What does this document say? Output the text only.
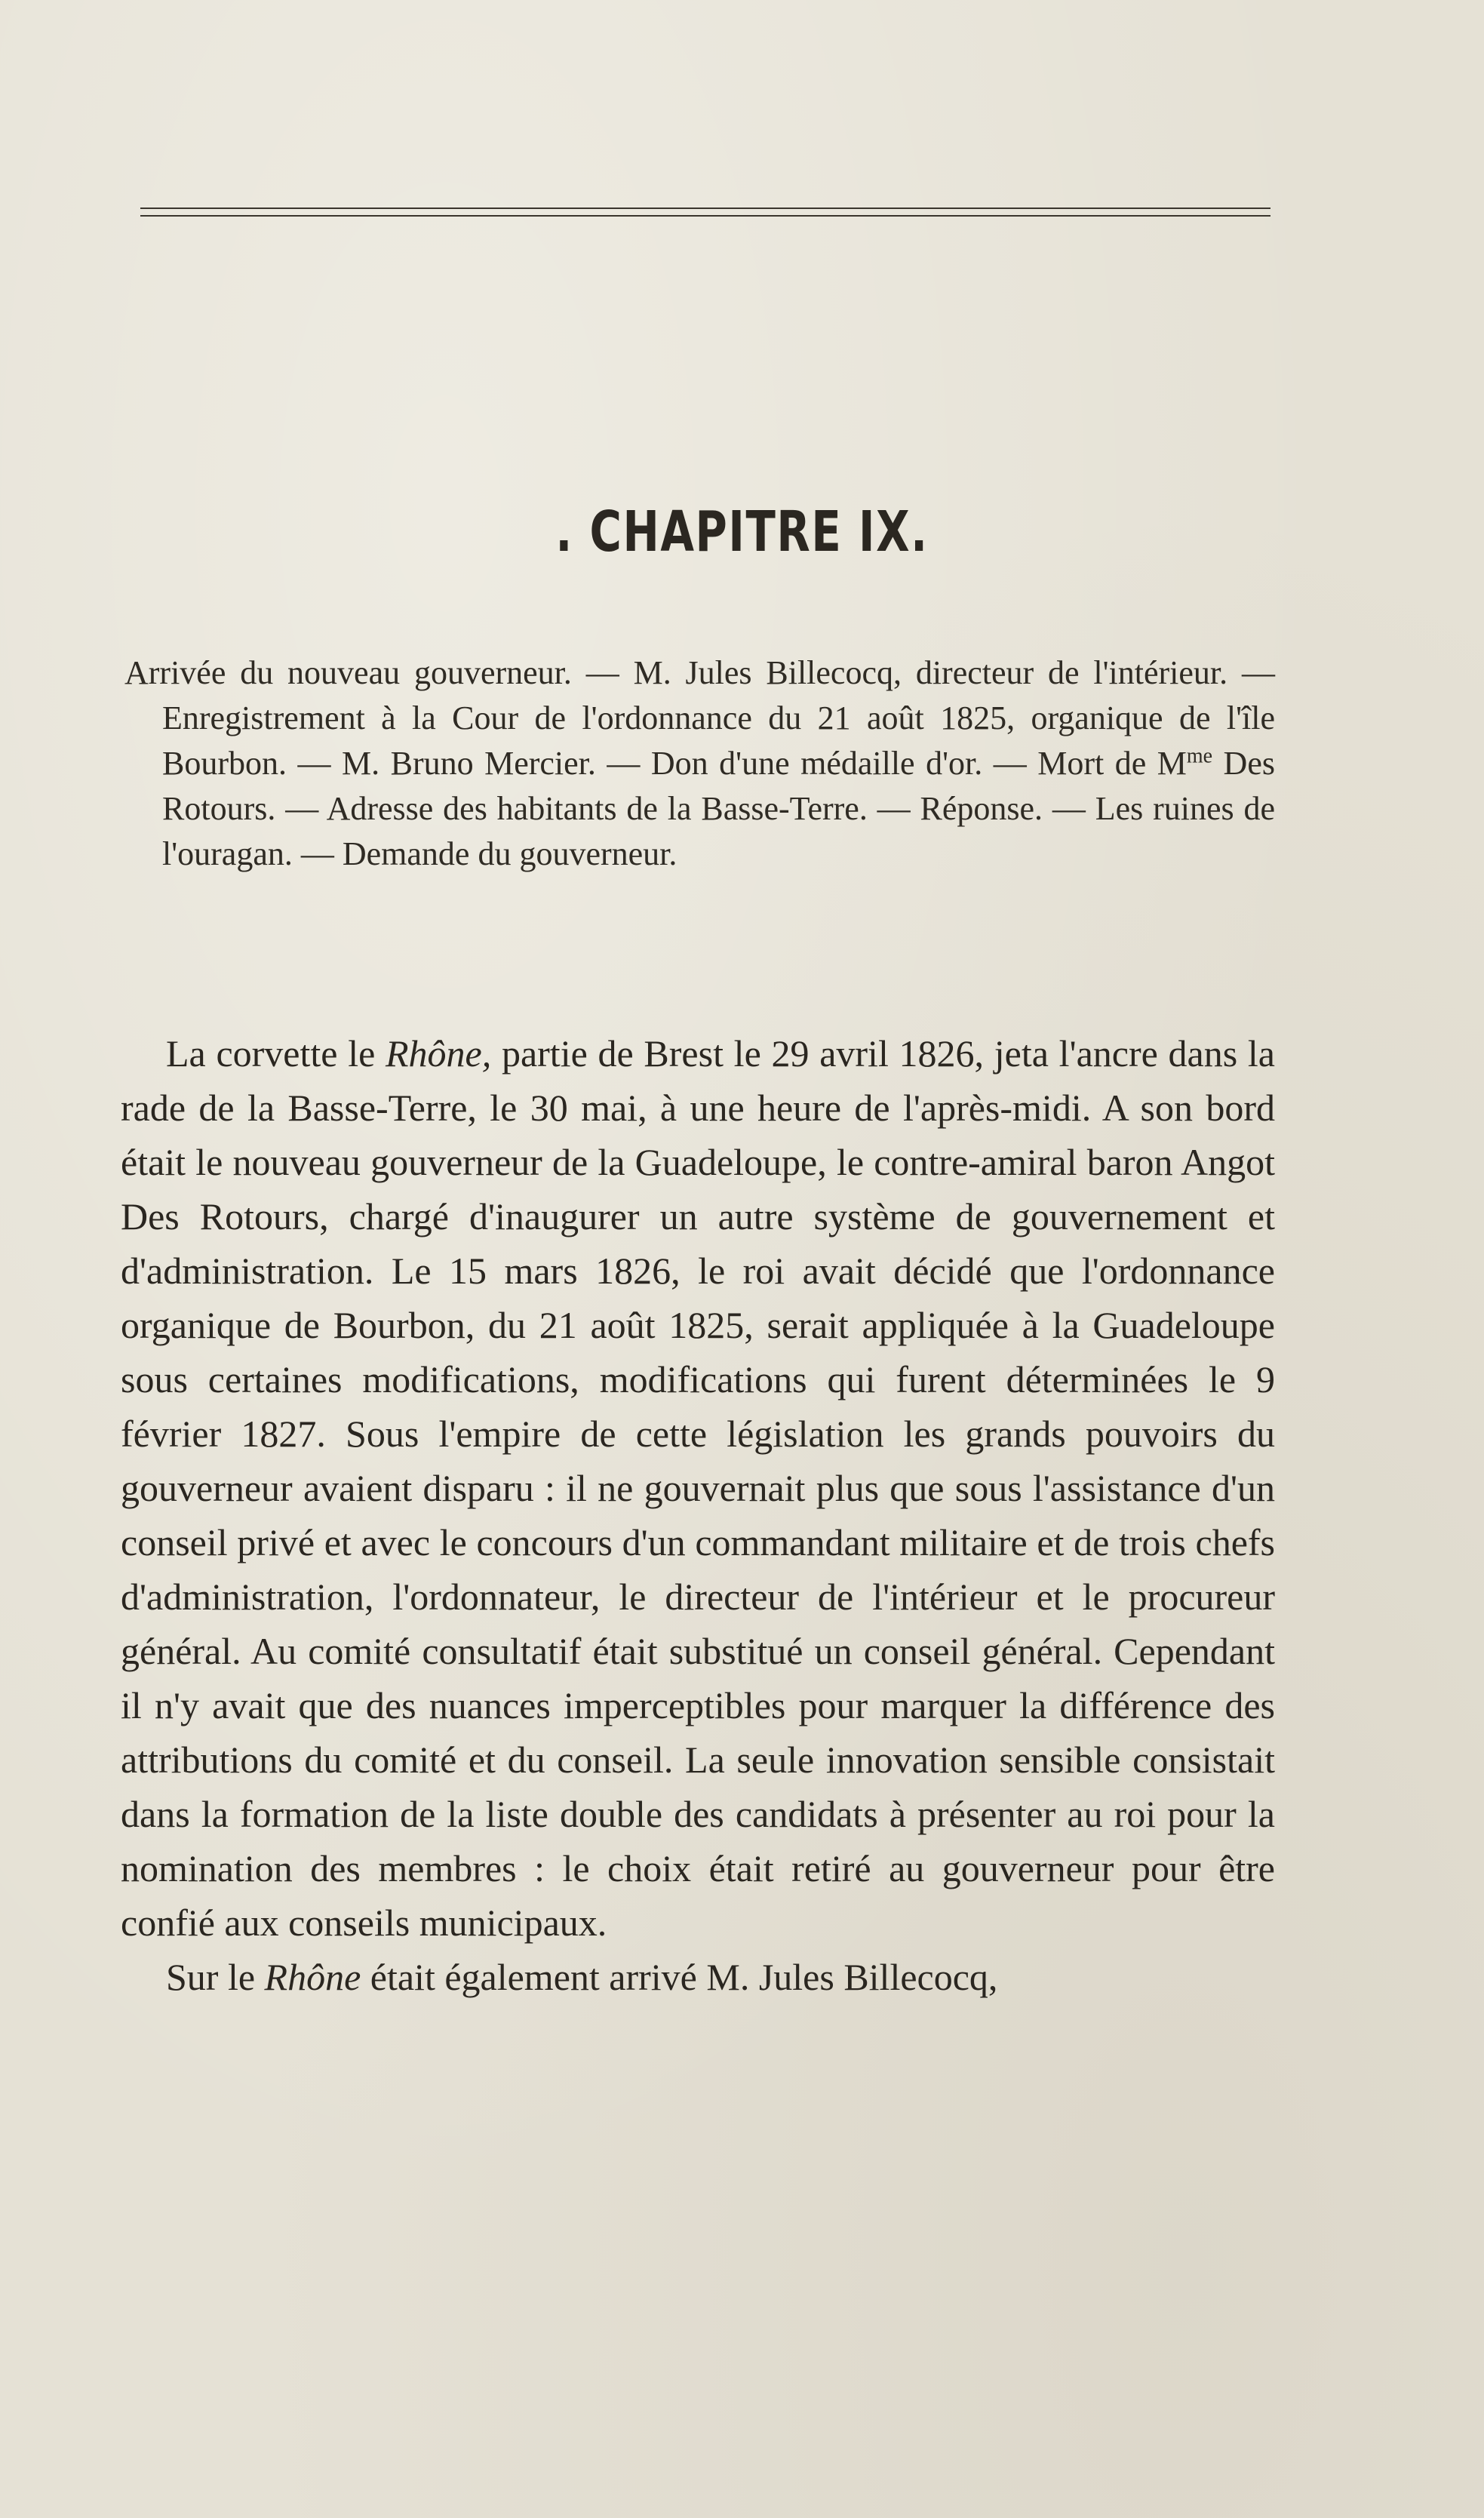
. CHAPITRE IX.

Arrivée du nouveau gouverneur. — M. Jules Billecocq, directeur de l'intérieur. — Enregistrement à la Cour de l'ordonnance du 21 août 1825, organique de l'île Bourbon. — M. Bruno Mercier. — Don d'une médaille d'or. — Mort de $M^{me}$ Des Rotours. — Adresse des habitants de la Basse-Terre. — Réponse. — Les ruines de l'ouragan. — Demande du gouverneur.

La corvette le Rhône, partie de Brest le 29 avril 1826, jeta l'ancre dans la rade de la Basse-Terre, le 30 mai, à une heure de l'après-midi. A son bord était le nouveau gouverneur de la Guadeloupe, le contre-amiral baron Angot Des Rotours, chargé d'inaugurer un autre système de gouvernement et d'administration. Le 15 mars 1826, le roi avait décidé que l'ordonnance organique de Bourbon, du 21 août 1825, serait appliquée à la Guadeloupe sous certaines modifications, modifications qui furent déterminées le 9 février 1827. Sous l'empire de cette législation les grands pouvoirs du gouverneur avaient disparu : il ne gouvernait plus que sous l'assistance d'un conseil privé et avec le concours d'un commandant militaire et de trois chefs d'administration, l'ordonnateur, le directeur de l'intérieur et le procureur général. Au comité consultatif était substitué un conseil général. Cependant il n'y avait que des nuances imperceptibles pour marquer la différence des attributions du comité et du conseil. La seule innovation sensible consistait dans la formation de la liste double des candidats à présenter au roi pour la nomination des membres : le choix était retiré au gouverneur pour être confié aux conseils municipaux.

Sur le Rhône était également arrivé M. Jules Billecocq,
